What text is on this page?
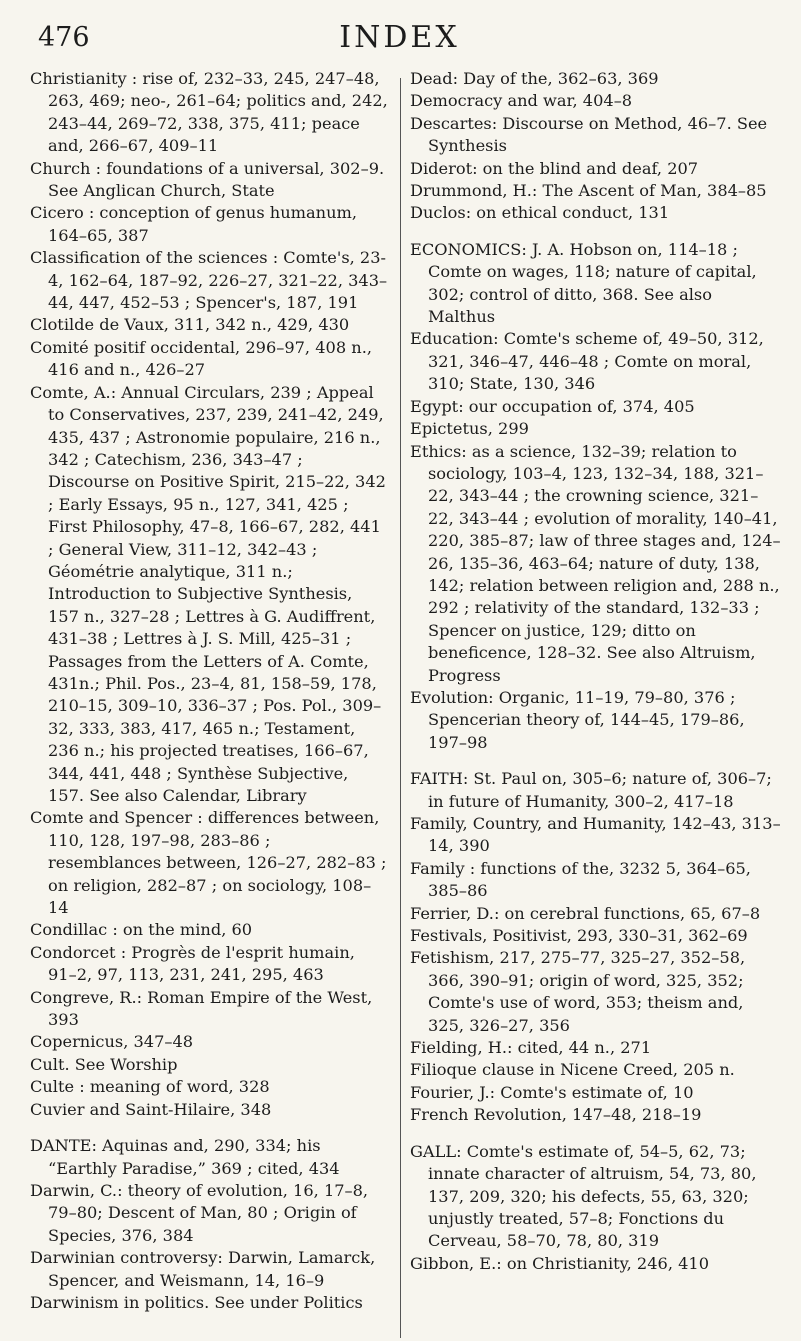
476	INDEX

Christianity : rise of, 232–33, 245, 247–48, 263, 469; neo-, 261–64; politics and, 242, 243–44, 269–72, 338, 375, 411; peace and, 266–67, 409–11

Church : foundations of a universal, 302–9. See Anglican Church, State

Cicero : conception of genus humanum, 164–65, 387

Classification of the sciences : Comte's, 23-4, 162–64, 187–92, 226–27, 321–22, 343–44, 447, 452–53 ; Spencer's, 187, 191

Clotilde de Vaux, 311, 342 n., 429, 430

Comité positif occidental, 296–97, 408 n., 416 and n., 426–27

Comte, A.: Annual Circulars, 239 ; Appeal to Conservatives, 237, 239, 241–42, 249, 435, 437 ; Astronomie populaire, 216 n., 342 ; Catechism, 236, 343–47 ; Discourse on Positive Spirit, 215–22, 342 ; Early Essays, 95 n., 127, 341, 425 ; First Philosophy, 47–8, 166–67, 282, 441 ; General View, 311–12, 342–43 ; Géométrie analytique, 311 n.; Introduction to Subjective Synthesis, 157 n., 327–28 ; Lettres à G. Audiffrent, 431–38 ; Lettres à J. S. Mill, 425–31 ; Passages from the Letters of A. Comte, 431n.; Phil. Pos., 23–4, 81, 158–59, 178, 210–15, 309–10, 336–37 ; Pos. Pol., 309–32, 333, 383, 417, 465 n.; Testament, 236 n.; his projected treatises, 166–67, 344, 441, 448 ; Synthèse Subjective, 157. See also Calendar, Library

Comte and Spencer : differences between, 110, 128, 197–98, 283–86 ; resemblances between, 126–27, 282–83 ; on religion, 282–87 ; on sociology, 108–14

Condillac : on the mind, 60

Condorcet : Progrès de l'esprit humain, 91–2, 97, 113, 231, 241, 295, 463

Congreve, R.: Roman Empire of the West, 393

Copernicus, 347–48

Cult. See Worship

Culte : meaning of word, 328

Cuvier and Saint-Hilaire, 348

DANTE: Aquinas and, 290, 334; his “Earthly Paradise,” 369 ; cited, 434

Darwin, C.: theory of evolution, 16, 17–8, 79–80; Descent of Man, 80 ; Origin of Species, 376, 384

Darwinian controversy: Darwin, Lamarck, Spencer, and Weismann, 14, 16–9

Darwinism in politics. See under Politics

Dead: Day of the, 362–63, 369

Democracy and war, 404–8

Descartes: Discourse on Method, 46–7. See Synthesis

Diderot: on the blind and deaf, 207

Drummond, H.: The Ascent of Man, 384–85

Duclos: on ethical conduct, 131

ECONOMICS: J. A. Hobson on, 114–18 ; Comte on wages, 118; nature of capital, 302; control of ditto, 368. See also Malthus

Education: Comte's scheme of, 49–50, 312, 321, 346–47, 446–48 ; Comte on moral, 310; State, 130, 346

Egypt: our occupation of, 374, 405

Epictetus, 299

Ethics: as a science, 132–39; relation to sociology, 103–4, 123, 132–34, 188, 321–22, 343–44 ; the crowning science, 321–22, 343–44 ; evolution of morality, 140–41, 220, 385–87; law of three stages and, 124–26, 135–36, 463–64; nature of duty, 138, 142; relation between religion and, 288 n., 292 ; relativity of the standard, 132–33 ; Spencer on justice, 129; ditto on beneficence, 128–32. See also Altruism, Progress

Evolution: Organic, 11–19, 79–80, 376 ; Spencerian theory of, 144–45, 179–86, 197–98

FAITH: St. Paul on, 305–6; nature of, 306–7; in future of Humanity, 300–2, 417–18

Family, Country, and Humanity, 142–43, 313–14, 390

Family : functions of the, 3232 5, 364–65, 385–86

Ferrier, D.: on cerebral functions, 65, 67–8

Festivals, Positivist, 293, 330–31, 362–69

Fetishism, 217, 275–77, 325–27, 352–58, 366, 390–91; origin of word, 325, 352; Comte's use of word, 353; theism and, 325, 326–27, 356

Fielding, H.: cited, 44 n., 271

Filioque clause in Nicene Creed, 205 n.

Fourier, J.: Comte's estimate of, 10

French Revolution, 147–48, 218–19

GALL: Comte's estimate of, 54–5, 62, 73; innate character of altruism, 54, 73, 80, 137, 209, 320; his defects, 55, 63, 320; unjustly treated, 57–8; Fonctions du Cerveau, 58–70, 78, 80, 319

Gibbon, E.: on Christianity, 246, 410
